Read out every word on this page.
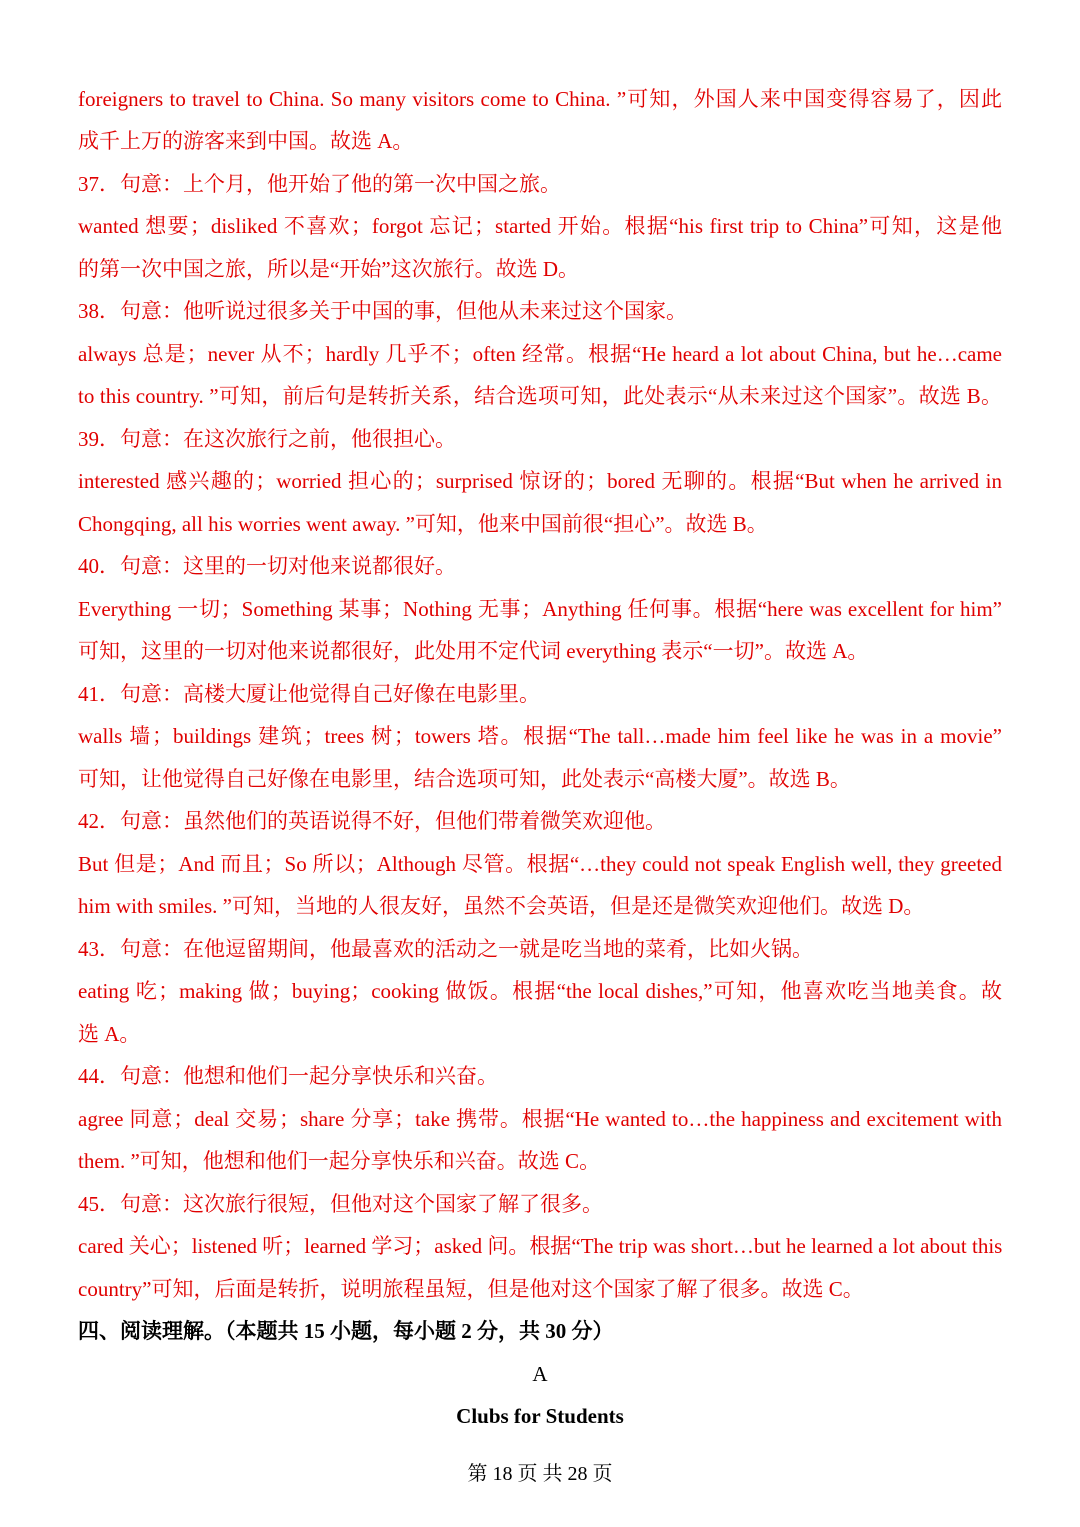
foreigners to travel to China. So many visitors come to China. ”可知，外国人来中国变得容易了，因此
成千上万的游客来到中国。故选 A。
37．句意：上个月，他开始了他的第一次中国之旅。
wanted 想要；disliked 不喜欢；forgot 忘记；started 开始。根据“his first trip to China”可知，这是他
的第一次中国之旅，所以是“开始”这次旅行。故选 D。
38．句意：他听说过很多关于中国的事，但他从未来过这个国家。
always 总是；never 从不；hardly 几乎不；often 经常。根据“He heard a lot about China, but he…came
to this country. ”可知，前后句是转折关系，结合选项可知，此处表示“从未来过这个国家”。故选 B。
39．句意：在这次旅行之前，他很担心。
interested 感兴趣的；worried 担心的；surprised 惊讶的；bored 无聊的。根据“But when he arrived in
Chongqing, all his worries went away. ”可知，他来中国前很“担心”。故选 B。
40．句意：这里的一切对他来说都很好。
Everything 一切；Something 某事；Nothing 无事；Anything 任何事。根据“here was excellent for him”
可知，这里的一切对他来说都很好，此处用不定代词 everything 表示“一切”。故选 A。
41．句意：高楼大厦让他觉得自己好像在电影里。
walls 墙；buildings 建筑；trees 树；towers 塔。根据“The tall…made him feel like he was in a movie”
可知，让他觉得自己好像在电影里，结合选项可知，此处表示“高楼大厦”。故选 B。
42．句意：虽然他们的英语说得不好，但他们带着微笑欢迎他。
But 但是；And 而且；So 所以；Although 尽管。根据“…they could not speak English well, they greeted
him with smiles. ”可知，当地的人很友好，虽然不会英语，但是还是微笑欢迎他们。故选 D。
43．句意：在他逗留期间，他最喜欢的活动之一就是吃当地的菜肴，比如火锅。
eating 吃；making 做；buying；cooking 做饭。根据“the local dishes,”可知，他喜欢吃当地美食。故
选 A。
44．句意：他想和他们一起分享快乐和兴奋。
agree 同意；deal 交易；share 分享；take 携带。根据“He wanted to…the happiness and excitement with
them. ”可知，他想和他们一起分享快乐和兴奋。故选 C。
45．句意：这次旅行很短，但他对这个国家了解了很多。
cared 关心；listened 听；learned 学习；asked 问。根据“The trip was short…but he learned a lot about this
country”可知，后面是转折，说明旅程虽短，但是他对这个国家了解了很多。故选 C。
四、阅读理解。（本题共 15 小题，每小题 2 分，共 30 分）
A
Clubs for Students
第 18 页 共 28 页
